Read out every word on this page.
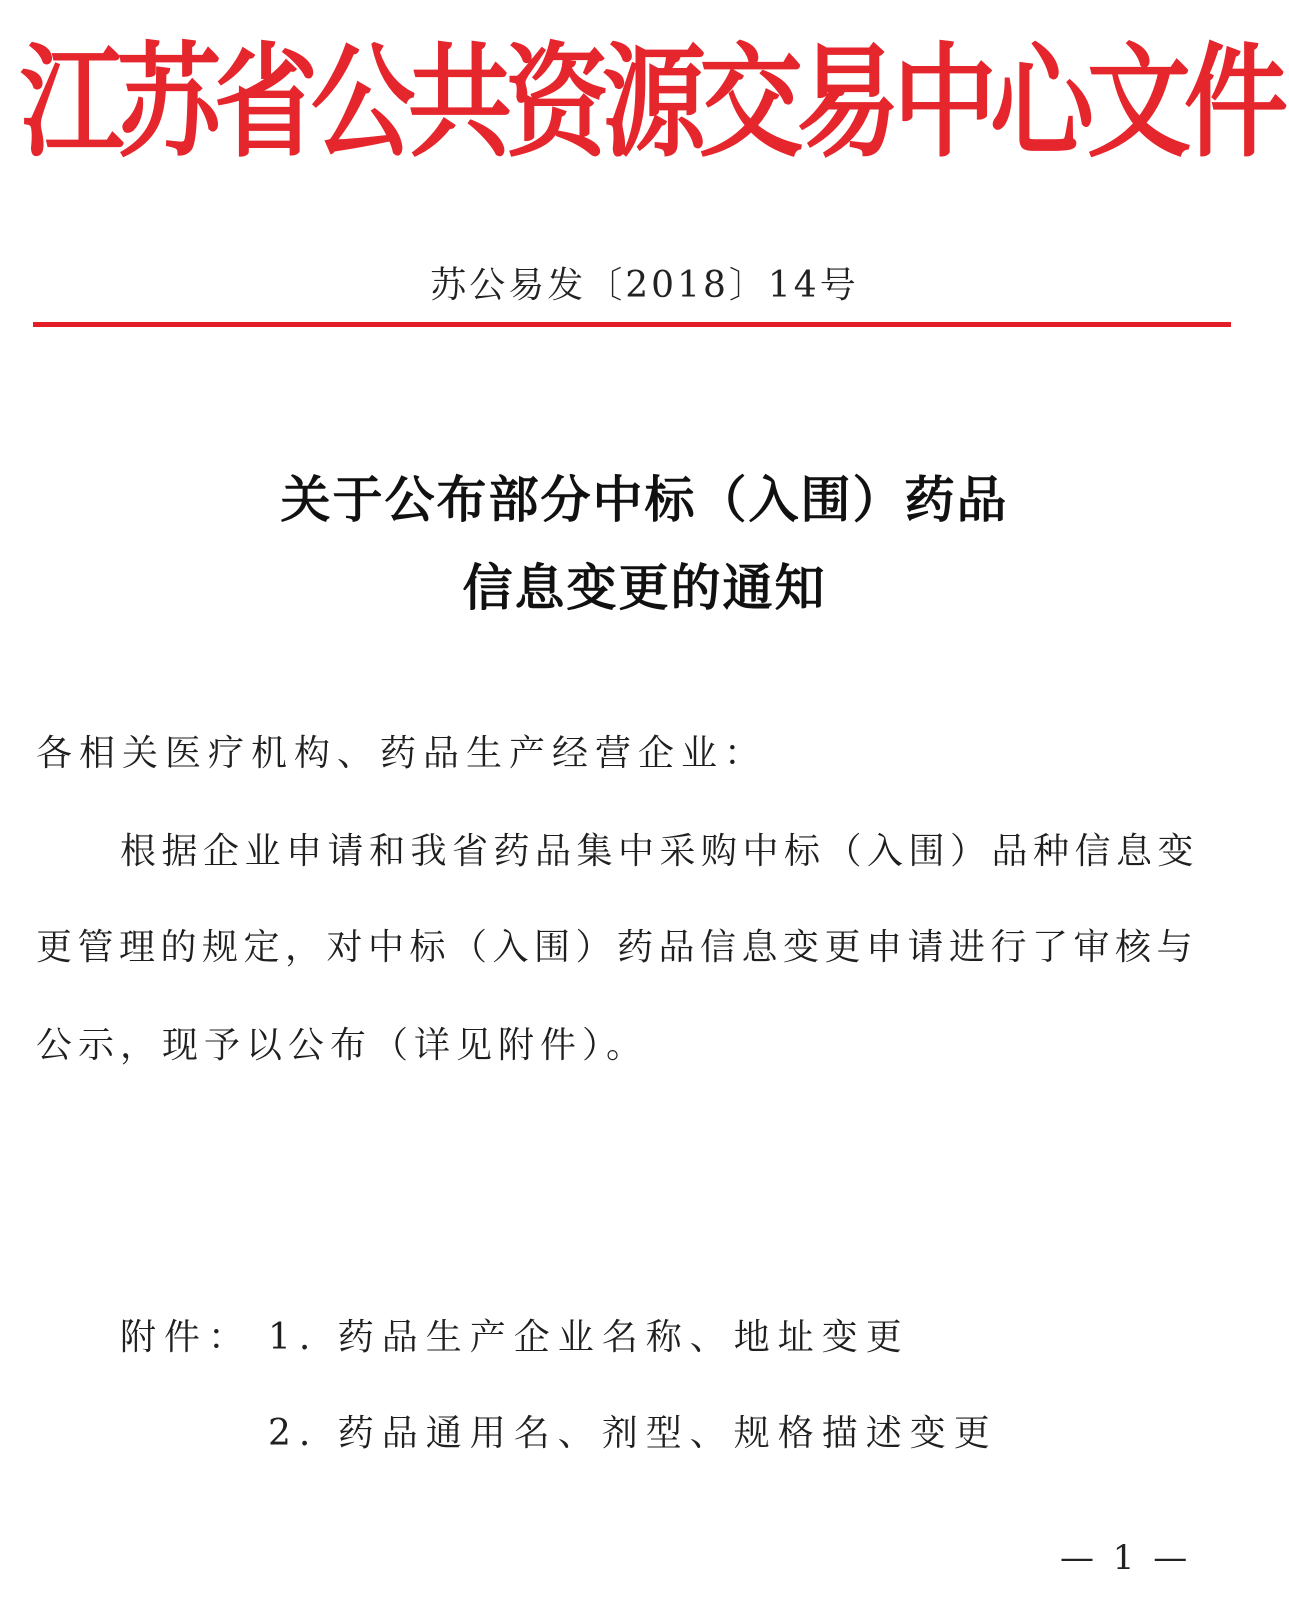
江苏省公共资源交易中心文件
苏公易发〔2018〕14号
关于公布部分中标（入围）药品
信息变更的通知
各相关医疗机构、药品生产经营企业：
根据企业申请和我省药品集中采购中标（入围）品种信息变
更管理的规定，对中标（入围）药品信息变更申请进行了审核与
公示，现予以公布（详见附件）。
附件： 1. 药品生产企业名称、地址变更
2. 药品通用名、剂型、规格描述变更
— 1 —
